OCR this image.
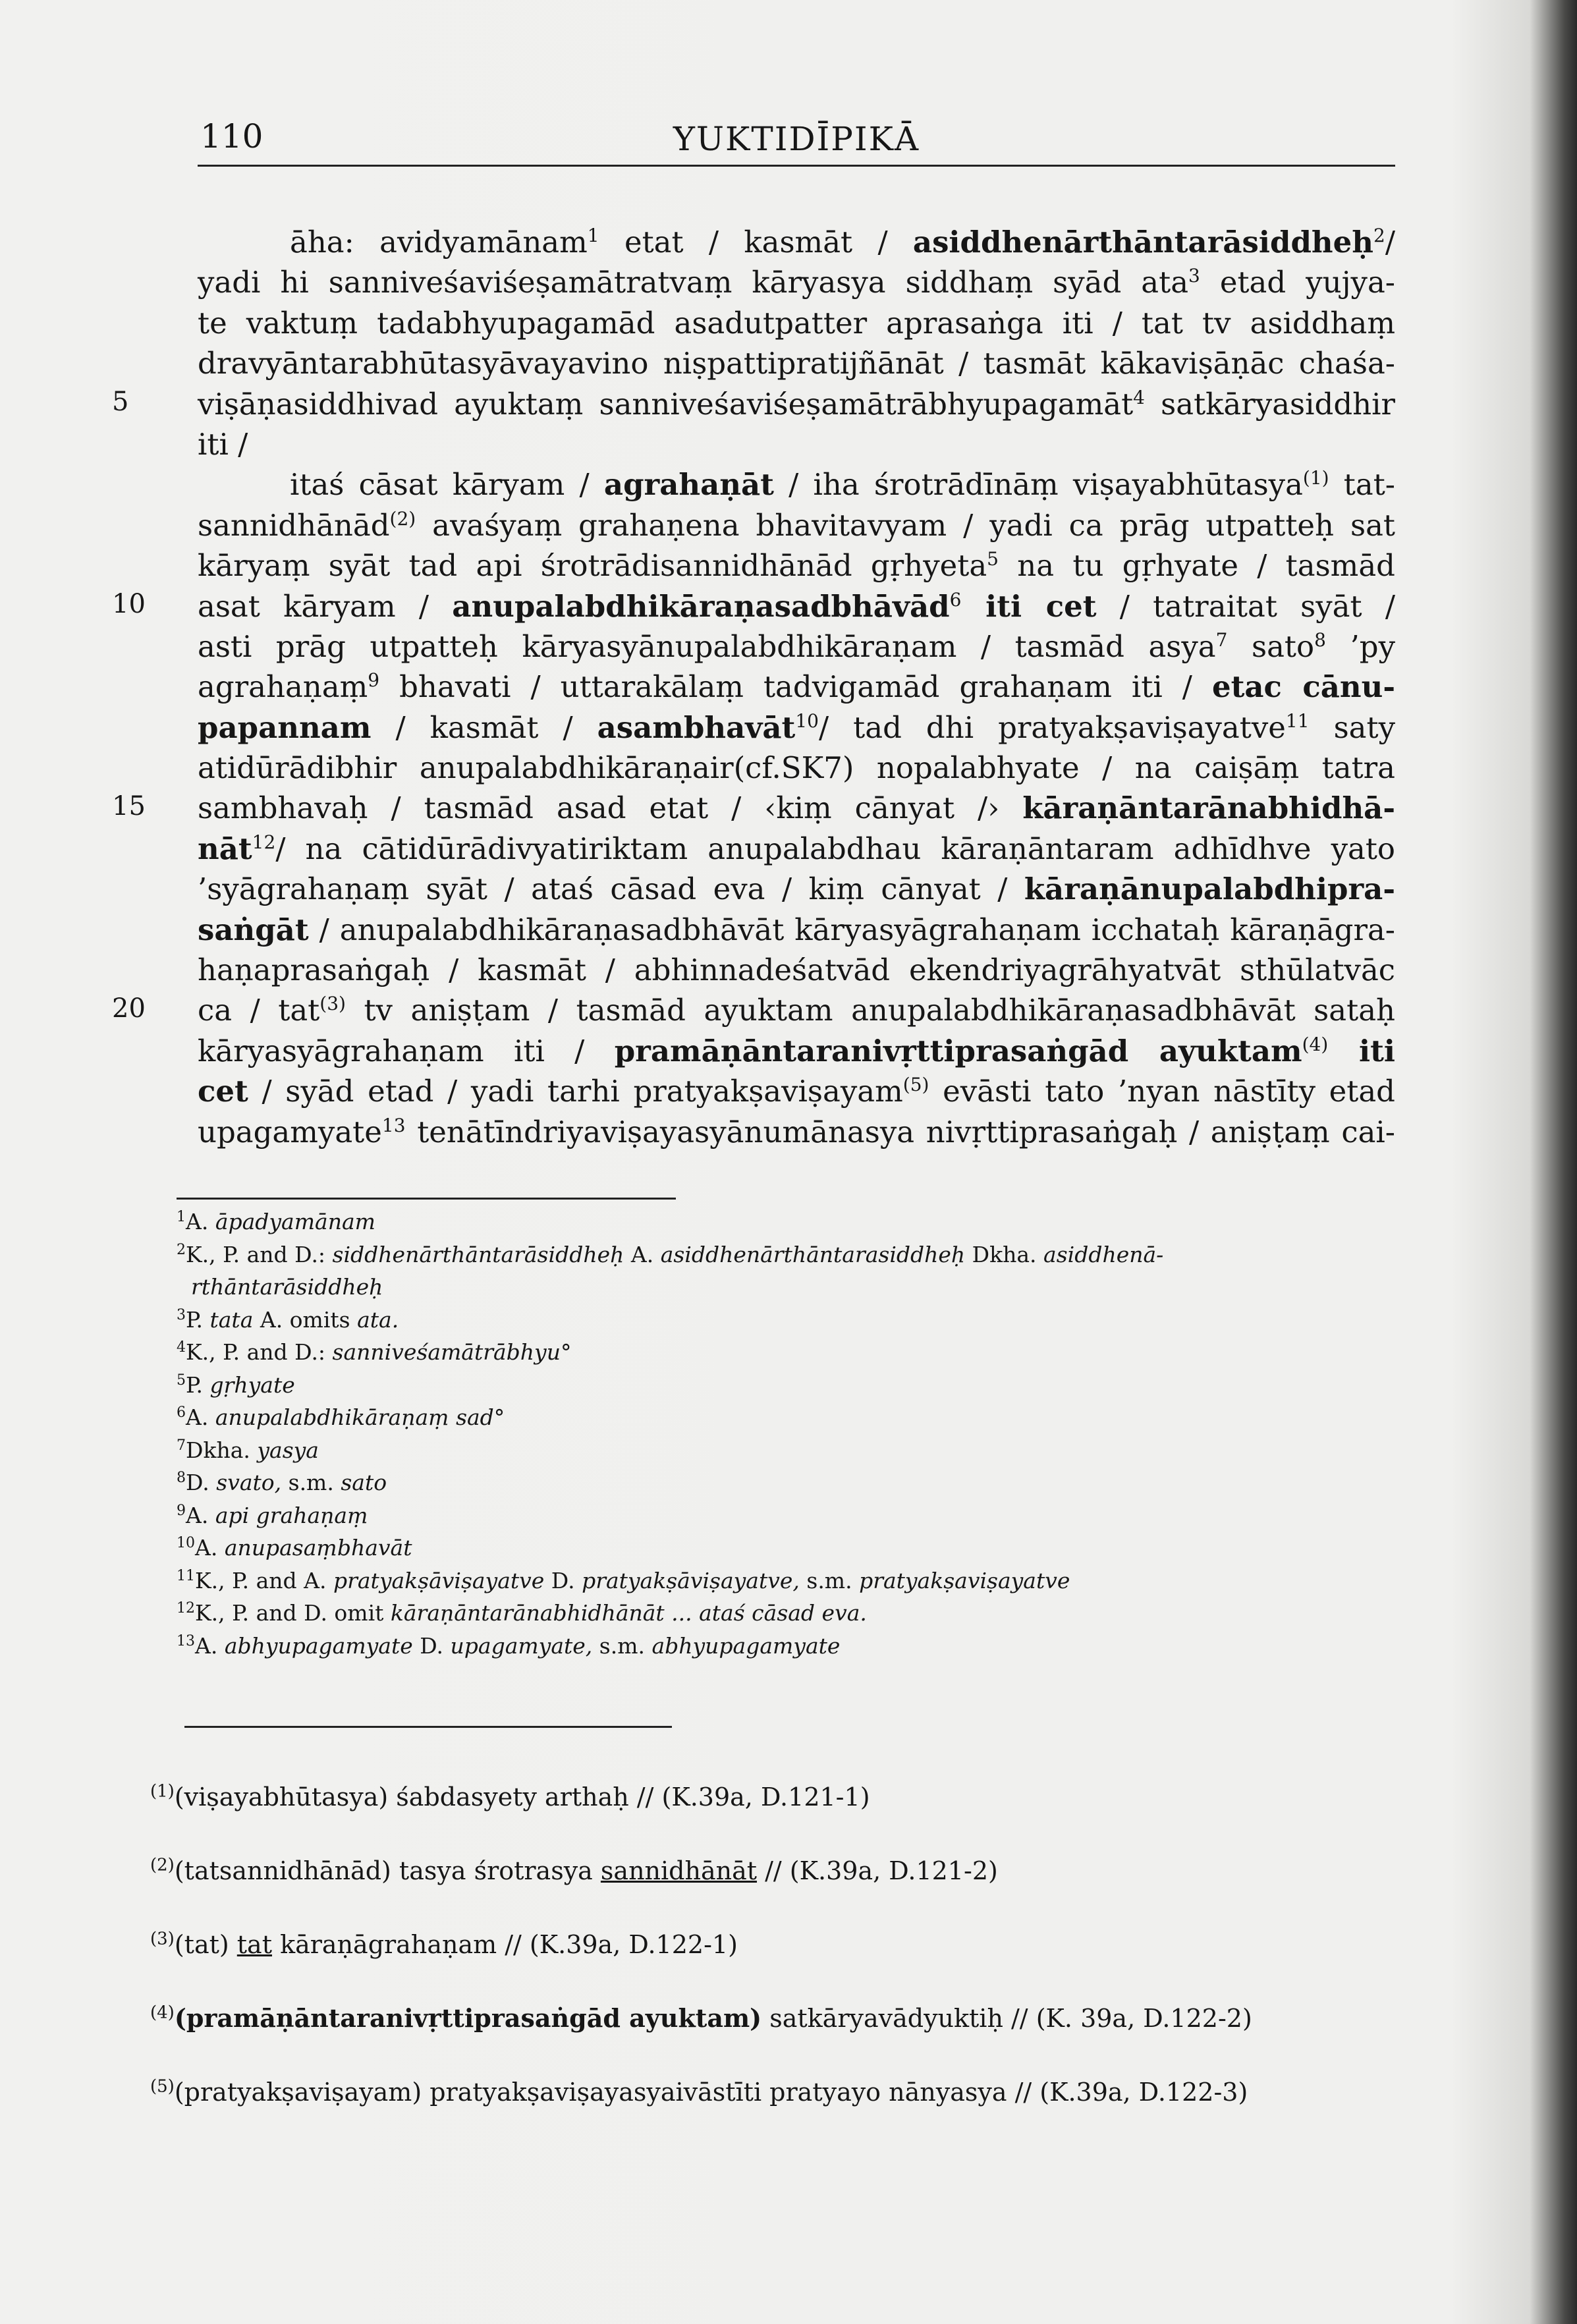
110	YUKTIDĪPIKĀ
5
10
15
20
āha: avidyamānam$^1$ etat / kasmāt / asiddhenārthāntarāsiddheḥ$^2$/
yadi hi sanniveśaviśeṣamātratvaṃ kāryasya siddhaṃ syād ata$^3$ etad yujya-
te vaktuṃ tadabhyupagamād asadutpatter aprasaṅga iti / tat tv asiddhaṃ
dravyāntarabhūtasyāvayavino niṣpattipratijñānāt / tasmāt kākaviṣāṇāc chaśa-
viṣāṇasiddhivad ayuktaṃ sanniveśaviśeṣamātrābhyupagamāt$^4$ satkāryasiddhir
iti /
itaś cāsat kāryam / agrahaṇāt / iha śrotrādīnāṃ viṣayabhūtasya$^{(1)}$ tat-
sannidhānād$^{(2)}$ avaśyaṃ grahaṇena bhavitavyam / yadi ca prāg utpatteḥ sat
kāryaṃ syāt tad api śrotrādisannidhānād gṛhyeta$^5$ na tu gṛhyate / tasmād
asat kāryam / anupalabdhikāraṇasadbhāvād$^6$ iti cet / tatraitat syāt /
asti prāg utpatteḥ kāryasyānupalabdhikāraṇam / tasmād asya$^7$ sato$^8$ ’py
agrahaṇaṃ$^9$ bhavati / uttarakālaṃ tadvigamād grahaṇam iti / etac cānu-
papannam / kasmāt / asambhavāt$^{10}$/ tad dhi pratyakṣaviṣayatve$^{11}$ saty
atidūrādibhir anupalabdhikāraṇair(cf.SK7) nopalabhyate / na caiṣāṃ tatra
sambhavaḥ / tasmād asad etat / ‹kiṃ cānyat /› kāraṇāntarānabhidhā-
nāt$^{12}$/ na cātidūrādivyatiriktam anupalabdhau kāraṇāntaram adhīdhve yato
’syāgrahaṇaṃ syāt / ataś cāsad eva / kiṃ cānyat / kāraṇānupalabdhipra-
saṅgāt / anupalabdhikāraṇasadbhāvāt kāryasyāgrahaṇam icchataḥ kāraṇāgra-
haṇaprasaṅgaḥ / kasmāt / abhinnadeśatvād ekendriyagrāhyatvāt sthūlatvāc
ca / tat$^{(3)}$ tv aniṣṭam / tasmād ayuktam anupalabdhikāraṇasadbhāvāt sataḥ
kāryasyāgrahaṇam iti / pramāṇāntaranivṛttiprasaṅgād ayuktam$^{(4)}$ iti
cet / syād etad / yadi tarhi pratyakṣaviṣayam$^{(5)}$ evāsti tato ’nyan nāstīty etad
upagamyate$^{13}$ tenātīndriyaviṣayasyānumānasya nivṛttiprasaṅgaḥ / aniṣṭaṃ cai-
$^1$A. āpadyamānam
$^2$K., P. and D.: siddhenārthāntarāsiddheḥ A. asiddhenārthāntarasiddheḥ Dkha. asiddhenā-
rthāntarāsiddheḥ
$^3$P. tata A. omits ata.
$^4$K., P. and D.: sanniveśamātrābhyu°
$^5$P. gṛhyate
$^6$A. anupalabdhikāraṇaṃ sad°
$^7$Dkha. yasya
$^8$D. svato, s.m. sato
$^9$A. api grahaṇaṃ
$^{10}$A. anupasaṃbhavāt
$^{11}$K., P. and A. pratyakṣāviṣayatve D. pratyakṣāviṣayatve, s.m. pratyakṣaviṣayatve
$^{12}$K., P. and D. omit kāraṇāntarānabhidhānāt ... ataś cāsad eva.
$^{13}$A. abhyupagamyate D. upagamyate, s.m. abhyupagamyate
$^{(1)}$(viṣayabhūtasya) śabdasyety arthaḥ // (K.39a, D.121-1)
$^{(2)}$(tatsannidhānād) tasya śrotrasya sannidhānāt // (K.39a, D.121-2)
$^{(3)}$(tat) tat kāraṇāgrahaṇam // (K.39a, D.122-1)
$^{(4)}$(pramāṇāntaranivṛttiprasaṅgād ayuktam) satkāryavādyuktiḥ // (K. 39a, D.122-2)
$^{(5)}$(pratyakṣaviṣayam) pratyakṣaviṣayasyaivāstīti pratyayo nānyasya // (K.39a, D.122-3)
